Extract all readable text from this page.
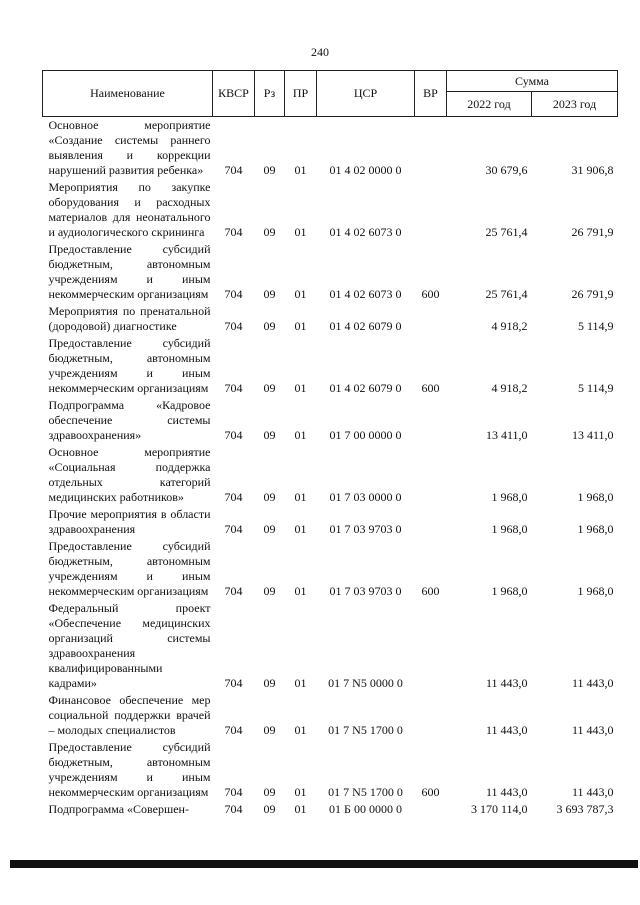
240
Наименование	КВСР	Рз	ПР	ЦСР	ВР	Сумма	
						2022 год	2023 год
Основное мероприятие «Создание системы раннего выявления и коррекции нарушений развития ребенка»	704	09	01	01 4 02 0000 0		30 679,6	31 906,8
Мероприятия по закупке оборудования и расходных материалов для неонатального и аудиологического скрининга	704	09	01	01 4 02 6073 0		25 761,4	26 791,9
Предоставление субсидий бюджетным, автономным учреждениям и иным некоммерческим организациям	704	09	01	01 4 02 6073 0	600	25 761,4	26 791,9
Мероприятия по пренатальной (дородовой) диагностике	704	09	01	01 4 02 6079 0		4 918,2	5 114,9
Предоставление субсидий бюджетным, автономным учреждениям и иным некоммерческим организациям	704	09	01	01 4 02 6079 0	600	4 918,2	5 114,9
Подпрограмма «Кадровое обеспечение системы здравоохранения»	704	09	01	01 7 00 0000 0		13 411,0	13 411,0
Основное мероприятие «Социальная поддержка отдельных категорий медицинских работников»	704	09	01	01 7 03 0000 0		1 968,0	1 968,0
Прочие мероприятия в области здравоохранения	704	09	01	01 7 03 9703 0		1 968,0	1 968,0
Предоставление субсидий бюджетным, автономным учреждениям и иным некоммерческим организациям	704	09	01	01 7 03 9703 0	600	1 968,0	1 968,0
Федеральный проект «Обеспечение медицинских организаций системы здравоохранения квалифицированными кадрами»	704	09	01	01 7 N5 0000 0		11 443,0	11 443,0
Финансовое обеспечение мер социальной поддержки врачей – молодых специалистов	704	09	01	01 7 N5 1700 0		11 443,0	11 443,0
Предоставление субсидий бюджетным, автономным учреждениям и иным некоммерческим организациям	704	09	01	01 7 N5 1700 0	600	11 443,0	11 443,0
Подпрограмма «Совершен-	704	09	01	01 Б 00 0000 0		3 170 114,0	3 693 787,3
